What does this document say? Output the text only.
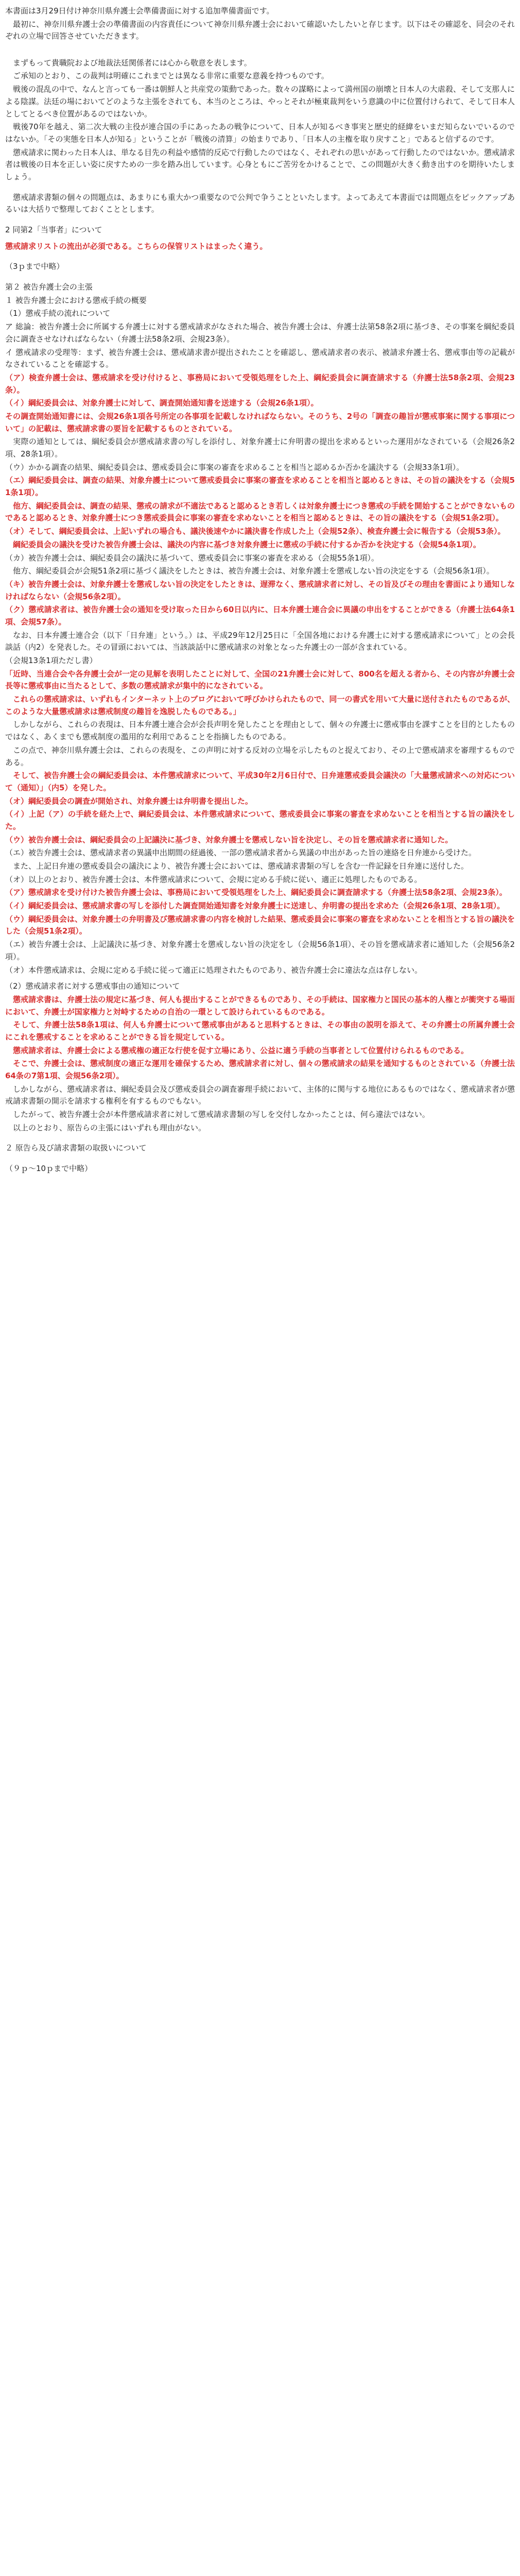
本書面は3月29日付け神奈川県弁護士会準備書面に対する追加準備書面です。
　最初に、神奈川県弁護士会の準備書面の内容責任について神奈川県弁護士会において確認いたしたいと存じます。以下はその確認を、同会のそれぞれの立場で回答させていただきます。

　まずもって貴職院および地裁法廷関係者には心から敬意を表します。
　ご承知のとおり、この裁判は明確にこれまでとは異なる非常に重要な意義を持つものです。
　戦後の混乱の中で、なんと言っても一番は朝鮮人と共産党の策動であった。数々の謀略によって満州国の崩壊と日本人の大虐殺、そして支那人による陰謀。法廷の場においてどのような主張をされても、本当のところは、やっとそれが極東裁判をいう意識の中に位置付けられて、そして日本人としてとるべき位置があるのではないか。
　戦後70年を越え、第二次大戦の主役が連合国の手にあったあの戦争について、日本人が知るべき事実と歴史的経緯をいまだ知らないでいるのではないか。「その実態を日本人が知る」ということが「戦後の清算」の始まりであり、「日本人の主権を取り戻すこと」であると信ずるのです。
　懲戒請求に関わった日本人は、単なる目先の利益や感情的反応で行動したのではなく、それぞれの思いがあって行動したのではないか。懲戒請求者は戦後の日本を正しい姿に戻すための一歩を踏み出しています。心身ともにご苦労をかけることで、この問題が大きく動き出すのを期待いたしましょう。
　懲戒請求書類の個々の問題点は、あまりにも重大かつ重要なので公判で争うことといたします。よってあえて本書面では問題点をピックアップあるいは大括りで整理しておくこととします。
2 同第2「当事者」について
懲戒請求リストの流出が必須である。こちらの保管リストはまったく違う。
（3ｐまで中略）
第２ 被告弁護士会の主張
１ 被告弁護士会における懲戒手続の概要
（1）懲戒手続の流れについて
ア 総論：被告弁護士会に所属する弁護士に対する懲戒請求がなされた場合、被告弁護士会は、弁護士法第58条2項に基づき、その事案を綱紀委員会に調査させなければならない（弁護士法58条2項、会規23条）。
イ 懲戒請求の受理等：まず、被告弁護士会は、懲戒請求書が提出されたことを確認し、懲戒請求者の表示、被請求弁護士名、懲戒事由等の記載がなされていることを確認する。
（ア）検査弁護士会は、懲戒請求を受け付けると、事務局において受領処理をした上、綱紀委員会に調査請求する（弁護士法58条2項、会規23条）。
（イ）綱紀委員会は、対象弁護士に対して、調査開始通知書を送達する（会規26条1項）。
その調査開始通知書には、会規26条1項各号所定の各事項を記載しなければならない。そのうち、2号の「調査の趣旨が懲戒事案に関する事項について」の記載は、懲戒請求書の要旨を記載するものとされている。
　実際の通知としては、綱紀委員会が懲戒請求書の写しを添付し、対象弁護士に弁明書の提出を求めるといった運用がなされている（会規26条2項、28条1項）。
（ウ）かかる調査の結果、綱紀委員会は、懲戒委員会に事案の審査を求めることを相当と認めるか否かを議決する（会規33条1項）。
（エ）綱紀委員会は、調査の結果、対象弁護士について懲戒委員会に事案の審査を求めることを相当と認めるときは、その旨の議決をする（会規51条1項）。
　他方、綱紀委員会は、調査の結果、懲戒の請求が不適法であると認めるとき若しくは対象弁護士につき懲戒の手続を開始することができないものであると認めるとき、対象弁護士につき懲戒委員会に事案の審査を求めないことを相当と認めるときは、その旨の議決をする（会規51条2項）。
（オ）そして、綱紀委員会は、上記いずれの場合も、議決後速やかに議決書を作成した上（会規52条）、検査弁護士会に報告する（会規53条）。
　綱紀委員会の議決を受けた被告弁護士会は、議決の内容に基づき対象弁護士に懲戒の手続に付するか否かを決定する（会規54条1項）。
（カ）被告弁護士会は、綱紀委員会の議決に基づいて、懲戒委員会に事案の審査を求める（会規55条1項）。
　他方、綱紀委員会が会規51条2項に基づく議決をしたときは、被告弁護士会は、対象弁護士を懲戒しない旨の決定をする（会規56条1項）。
（キ）被告弁護士会は、対象弁護士を懲戒しない旨の決定をしたときは、遅滞なく、懲戒請求者に対し、その旨及びその理由を書面により通知しなければならない（会規56条2項）。
（ク）懲戒請求者は、被告弁護士会の通知を受け取った日から60日以内に、日本弁護士連合会に異議の申出をすることができる（弁護士法64条1項、会規57条）。
　なお、日本弁護士連合会（以下「日弁連」という。）は、平成29年12月25日に「全国各地における弁護士に対する懲戒請求について」との会長談話（内2）を発表した。その冒頭においては、当該談話中に懲戒請求の対象となった弁護士の一部が含まれている。
（会規13条1項ただし書）
「近時、当連合会や各弁護士会が一定の見解を表明したことに対して、全国の21弁護士会に対して、800名を超える者から、その内容が弁護士会長等に懲戒事由に当たるとして、多数の懲戒請求が集中的になされている。
　これらの懲戒請求は、いずれもインターネット上のブログにおいて呼びかけられたもので、同一の書式を用いて大量に送付されたものであるが、このような大量懲戒請求は懲戒制度の趣旨を逸脱したものである。」
　しかしながら、これらの表現は、日本弁護士連合会が会長声明を発したことを理由として、個々の弁護士に懲戒事由を課すことを目的としたものではなく、あくまでも懲戒制度の濫用的な利用であることを指摘したものである。
　この点で、神奈川県弁護士会は、これらの表現を、この声明に対する反対の立場を示したものと捉えており、その上で懲戒請求を審理するものである。
　そして、被告弁護士会の綱紀委員会は、本件懲戒請求について、平成30年2月6日付で、日弁連懲戒委員会議決の「大量懲戒請求への対応について（通知）」（内5）を発した。
（オ）綱紀委員会の調査が開始され、対象弁護士は弁明書を提出した。
（イ）上記（ア）の手続を経た上で、綱紀委員会は、本件懲戒請求について、懲戒委員会に事案の審査を求めないことを相当とする旨の議決をした。
（ウ）被告弁護士会は、綱紀委員会の上記議決に基づき、対象弁護士を懲戒しない旨を決定し、その旨を懲戒請求者に通知した。
（エ）被告弁護士会は、懲戒請求者の異議申出期間の経過後、一部の懲戒請求者から異議の申出があった旨の連絡を日弁連から受けた。
　また、上記日弁連の懲戒委員会の議決により、被告弁護士会においては、懲戒請求書類の写しを含む一件記録を日弁連に送付した。
（オ）以上のとおり、被告弁護士会は、本件懲戒請求について、会規に定める手続に従い、適正に処理したものである。
（ア）懲戒請求を受け付けた被告弁護士会は、事務局において受領処理をした上、綱紀委員会に調査請求する（弁護士法58条2項、会規23条）。
（イ）綱紀委員会は、懲戒請求書の写しを添付した調査開始通知書を対象弁護士に送達し、弁明書の提出を求めた（会規26条1項、28条1項）。
（ウ）綱紀委員会は、対象弁護士の弁明書及び懲戒請求書の内容を検討した結果、懲戒委員会に事案の審査を求めないことを相当とする旨の議決をした（会規51条2項）。
（エ）被告弁護士会は、上記議決に基づき、対象弁護士を懲戒しない旨の決定をし（会規56条1項）、その旨を懲戒請求者に通知した（会規56条2項）。
（オ）本件懲戒請求は、会規に定める手続に従って適正に処理されたものであり、被告弁護士会に違法な点は存しない。
（2）懲戒請求者に対する懲戒事由の通知について
　懲戒請求書は、弁護士法の規定に基づき、何人も提出することができるものであり、その手続は、国家権力と国民の基本的人権とが衝突する場面において、弁護士が国家権力と対峙するための自治の一環として設けられているものである。
　そして、弁護士法58条1項は、何人も弁護士について懲戒事由があると思料するときは、その事由の説明を添えて、その弁護士の所属弁護士会にこれを懲戒することを求めることができる旨を規定している。
　懲戒請求者は、弁護士会による懲戒権の適正な行使を促す立場にあり、公益に適う手続の当事者として位置付けられるものである。
　そこで、弁護士会は、懲戒制度の適正な運用を確保するため、懲戒請求者に対し、個々の懲戒請求の結果を通知するものとされている（弁護士法64条の7第1項、会規56条2項）。
　しかしながら、懲戒請求者は、綱紀委員会及び懲戒委員会の調査審理手続において、主体的に関与する地位にあるものではなく、懲戒請求者が懲戒請求書類の開示を請求する権利を有するものでもない。
　したがって、被告弁護士会が本件懲戒請求者に対して懲戒請求書類の写しを交付しなかったことは、何ら違法ではない。
　以上のとおり、原告らの主張にはいずれも理由がない。
２ 原告ら及び請求書類の取扱いについて
（９ｐ〜10ｐまで中略）
